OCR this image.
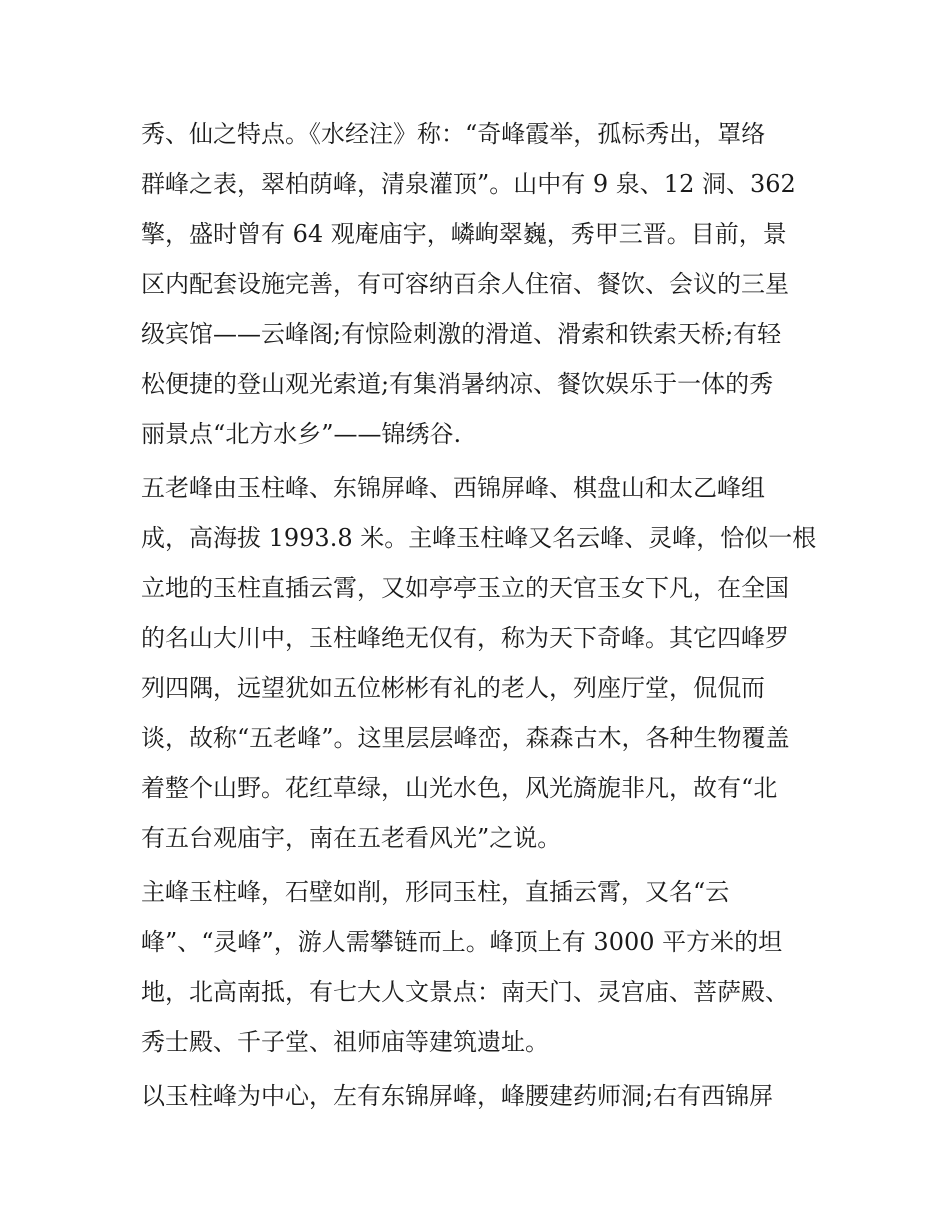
秀、仙之特点。《水经注》称：“奇峰霞举，孤标秀出，罩络
群峰之表，翠柏荫峰，清泉灌顶”。山中有 9 泉、12 洞、362
擎，盛时曾有 64 观庵庙宇，嶙峋翠巍，秀甲三晋。目前，景
区内配套设施完善，有可容纳百余人住宿、餐饮、会议的三星
级宾馆——云峰阁;有惊险刺激的滑道、滑索和铁索天桥;有轻
松便捷的登山观光索道;有集消暑纳凉、餐饮娱乐于一体的秀
丽景点“北方水乡”——锦绣谷.
五老峰由玉柱峰、东锦屏峰、西锦屏峰、棋盘山和太乙峰组
成，高海拔 1993.8 米。主峰玉柱峰又名云峰、灵峰，恰似一根
立地的玉柱直插云霄，又如亭亭玉立的天官玉女下凡，在全国
的名山大川中，玉柱峰绝无仅有，称为天下奇峰。其它四峰罗
列四隅，远望犹如五位彬彬有礼的老人，列座厅堂，侃侃而
谈，故称“五老峰”。这里层层峰峦，森森古木，各种生物覆盖
着整个山野。花红草绿，山光水色，风光旖旎非凡，故有“北
有五台观庙宇，南在五老看风光”之说。
主峰玉柱峰，石壁如削，形同玉柱，直插云霄，又名“云
峰”、“灵峰”，游人需攀链而上。峰顶上有 3000 平方米的坦
地，北高南抵，有七大人文景点：南天门、灵宫庙、菩萨殿、
秀士殿、千子堂、祖师庙等建筑遗址。
以玉柱峰为中心，左有东锦屏峰，峰腰建药师洞;右有西锦屏
